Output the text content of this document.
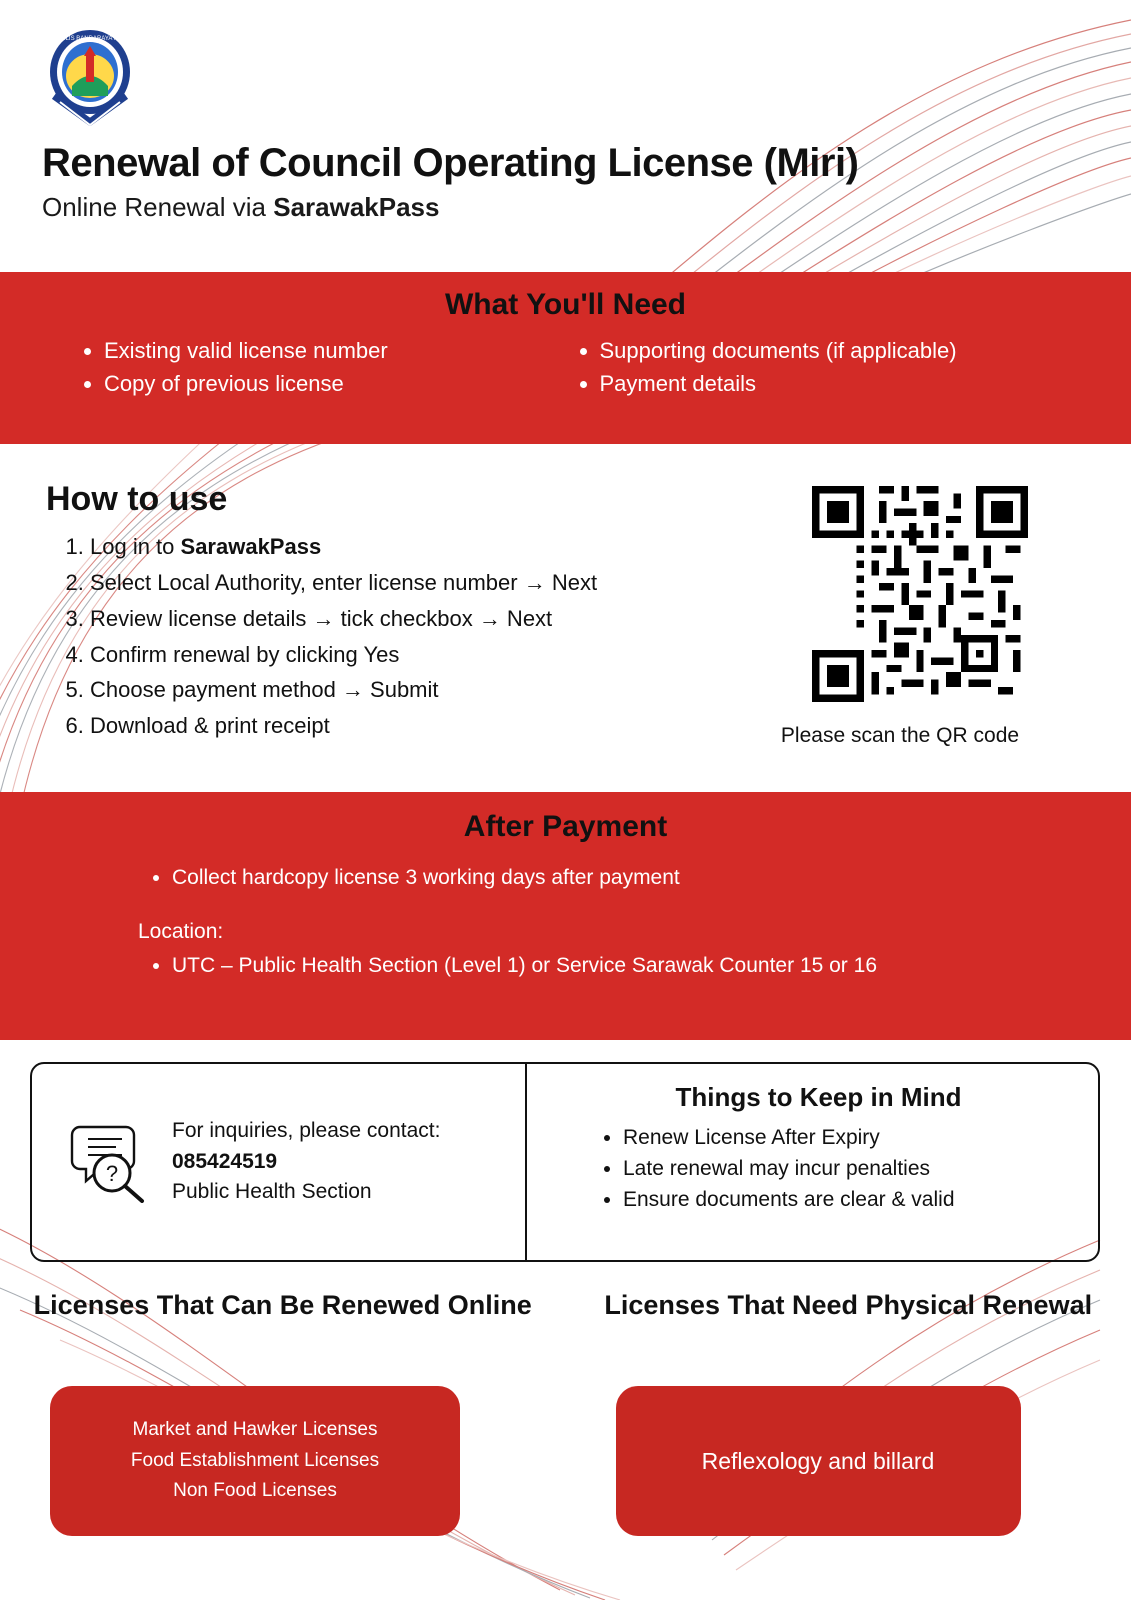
MAJLIS BANDARAYA MIRI
Renewal of Council Operating License (Miri)
Online Renewal via SarawakPass
What You'll Need
• Existing valid license number
• Copy of previous license
• Supporting documents (if applicable)
• Payment details
How to use
1. Log in to SarawakPass
2. Select Local Authority, enter license number → Next
3. Review license details → tick checkbox → Next
4. Confirm renewal by clicking Yes
5. Choose payment method → Submit
6. Download & print receipt	Please scan the QR code
After Payment
• Collect hardcopy license 3 working days after payment
Location:
• UTC – Public Health Section (Level 1) or Service Sarawak Counter 15 or 16
?
For inquiries, please contact:
085424519
Public Health Section
Things to Keep in Mind
• Renew License After Expiry
• Late renewal may incur penalties
• Ensure documents are clear & valid
Licenses That Can Be Renewed Online
Market and Hawker Licenses
Food Establishment Licenses
Non Food Licenses
Licenses That Need Physical Renewal
Reflexology and billard
